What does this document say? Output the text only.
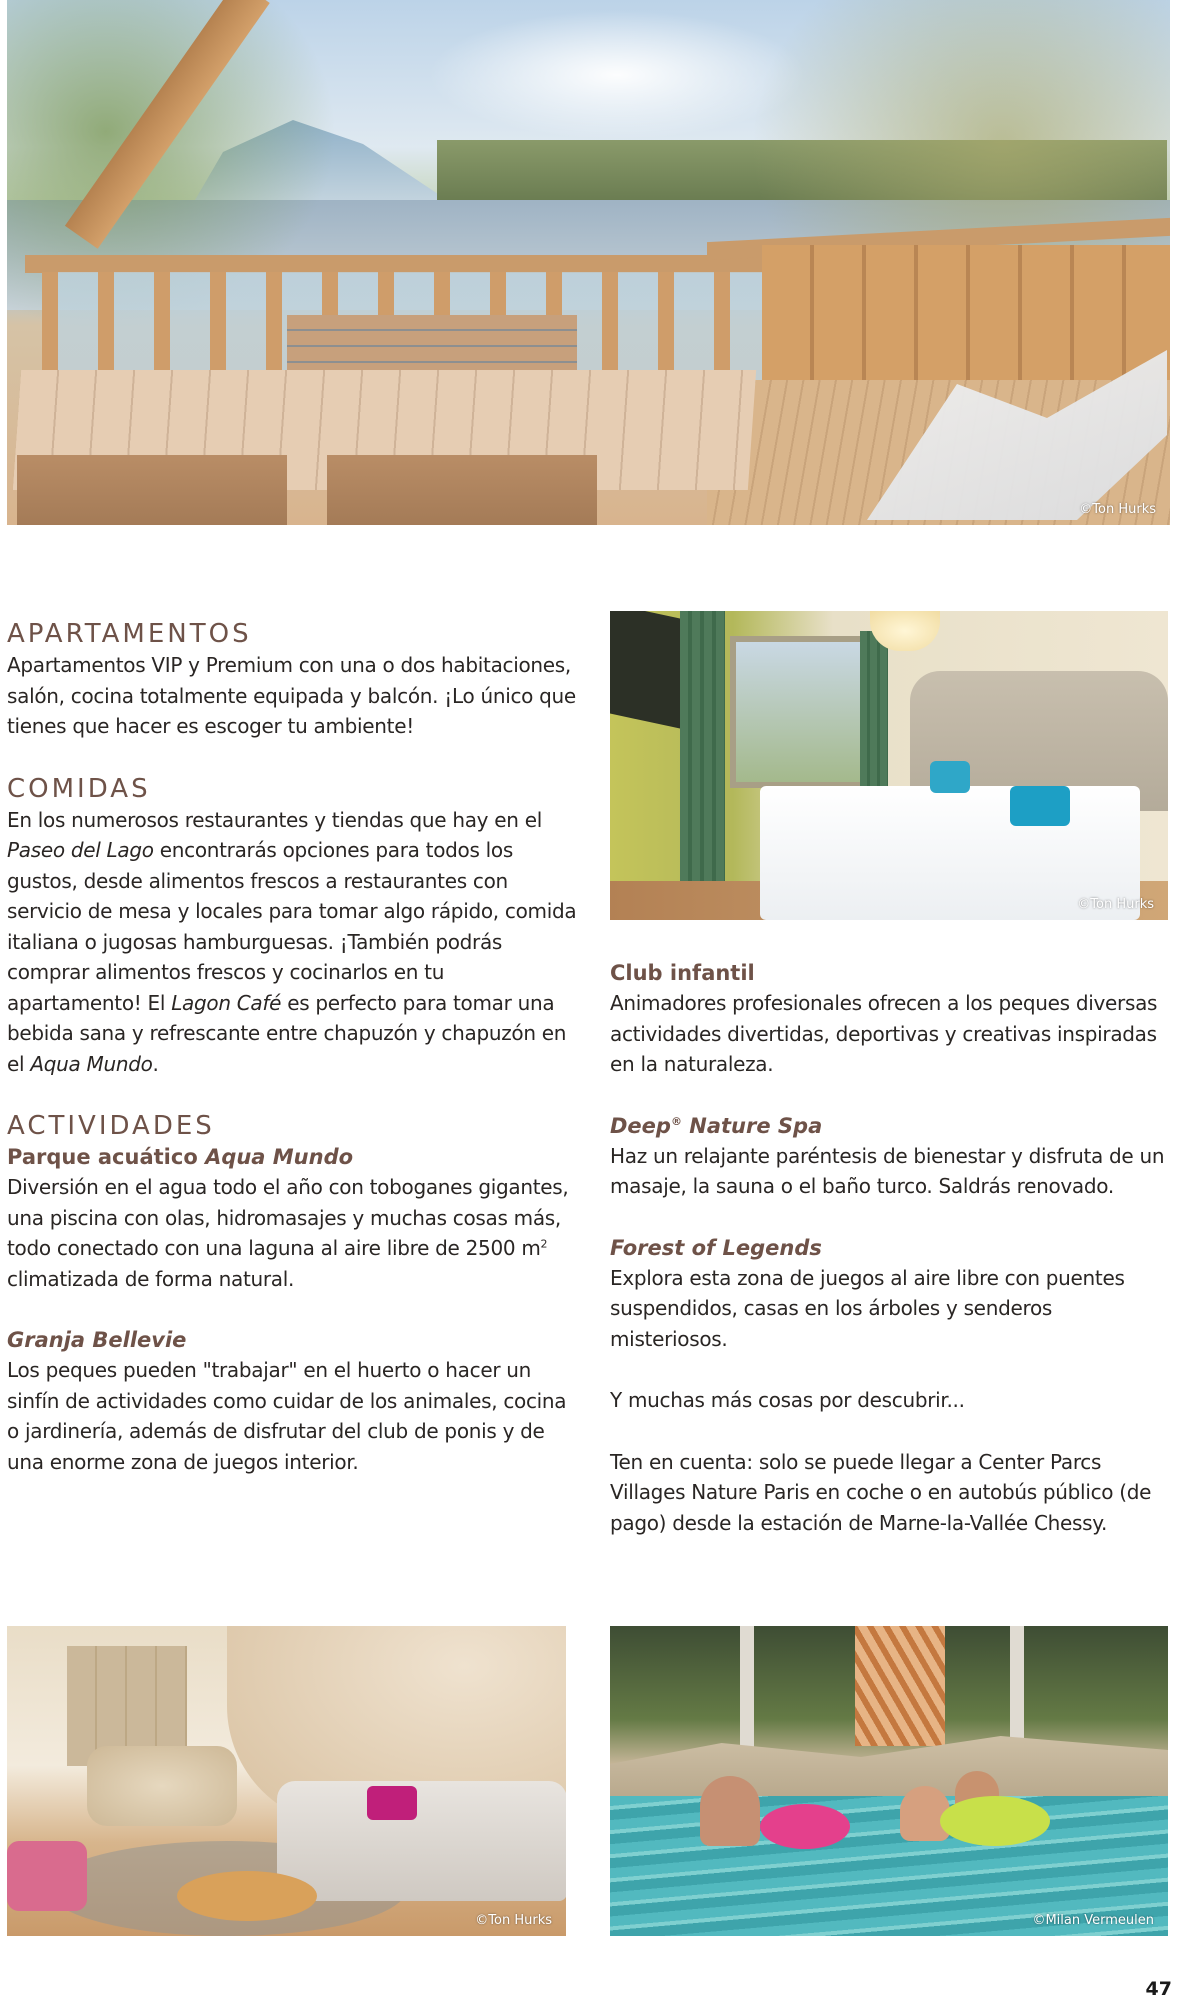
©Ton Hurks
©Ton Hurks
APARTAMENTOS

Apartamentos VIP y Premium con una o dos habitaciones, salón, cocina totalmente equipada y balcón. ¡Lo único que tienes que hacer es escoger tu ambiente!

COMIDAS

En los numerosos restaurantes y tiendas que hay en el Paseo del Lago encontrarás opciones para todos los gustos, desde alimentos frescos a restaurantes con servicio de mesa y locales para tomar algo rápido, comida italiana o jugosas hamburguesas. ¡También podrás comprar alimentos frescos y cocinarlos en tu apartamento! El Lagon Café es perfecto para tomar una bebida sana y refrescante entre chapuzón y chapuzón en el Aqua Mundo.

ACTIVIDADES
Parque acuático Aqua Mundo

Diversión en el agua todo el año con toboganes gigantes, una piscina con olas, hidromasajes y muchas cosas más, todo conectado con una laguna al aire libre de 2500 $m^2$ climatizada de forma natural.

Granja Bellevie

Los peques pueden "trabajar" en el huerto o hacer un sinfín de actividades como cuidar de los animales, cocina o jardinería, además de disfrutar del club de ponis y de una enorme zona de juegos interior.

Club infantil

Animadores profesionales ofrecen a los peques diversas actividades divertidas, deportivas y creativas inspiradas en la naturaleza.

Deep® Nature Spa

Haz un relajante paréntesis de bienestar y disfruta de un masaje, la sauna o el baño turco. Saldrás renovado.

Forest of Legends

Explora esta zona de juegos al aire libre con puentes suspendidos, casas en los árboles y senderos misteriosos.

Y muchas más cosas por descubrir...

Ten en cuenta: solo se puede llegar a Center Parcs Villages Nature Paris en coche o en autobús público (de pago) desde la estación de Marne-la-Vallée Chessy.

©Ton Hurks	©Milan Vermeulen
47
